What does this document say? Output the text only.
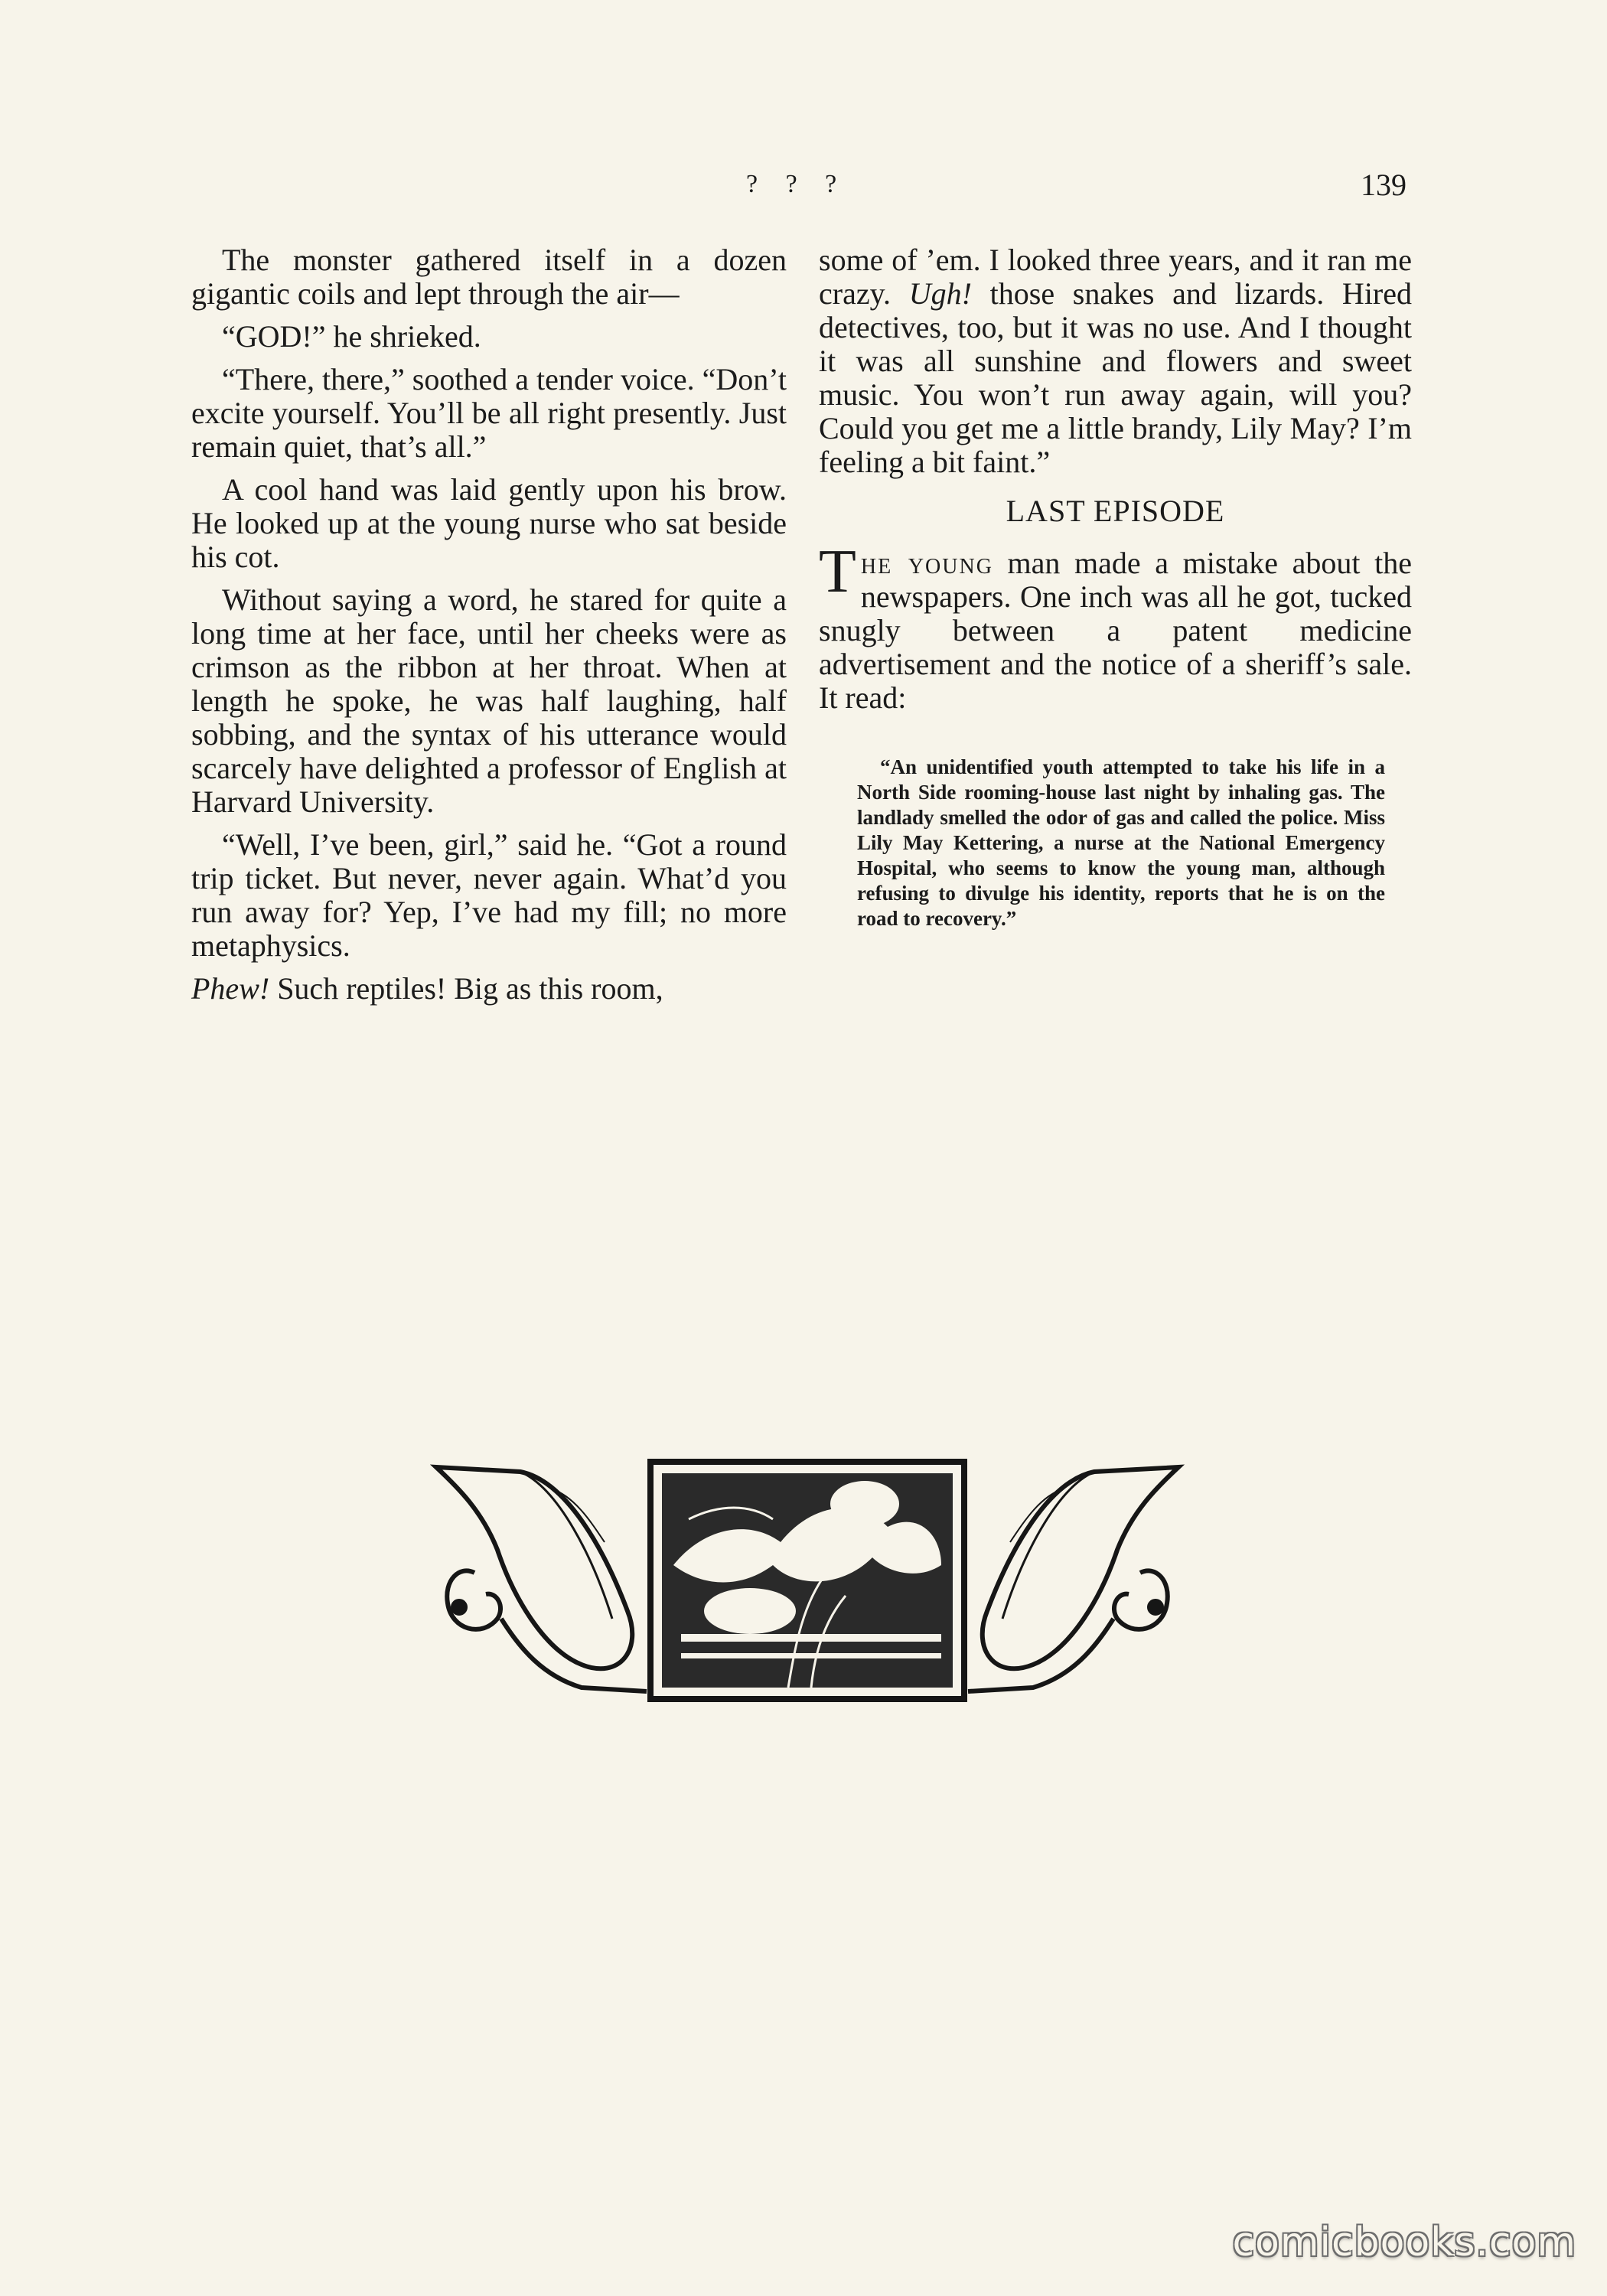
? ? ?	139

The monster gathered itself in a dozen gigantic coils and lept through the air—

“GOD!” he shrieked.

“There, there,” soothed a tender voice. “Don’t excite yourself. You’ll be all right presently. Just remain quiet, that’s all.”

A cool hand was laid gently upon his brow. He looked up at the young nurse who sat beside his cot.

Without saying a word, he stared for quite a long time at her face, until her cheeks were as crimson as the ribbon at her throat. When at length he spoke, he was half laughing, half sobbing, and the syntax of his utterance would scarcely have delighted a professor of English at Harvard University.

“Well, I’ve been, girl,” said he. “Got a round trip ticket. But never, never again. What’d you run away for? Yep, I’ve had my fill; no more metaphysics.

Phew! Such reptiles! Big as this room,

some of ’em. I looked three years, and it ran me crazy. Ugh! those snakes and lizards. Hired detectives, too, but it was no use. And I thought it was all sunshine and flowers and sweet music. You won’t run away again, will you? Could you get me a little brandy, Lily May? I’m feeling a bit faint.”

LAST EPISODE

The young man made a mistake about the newspapers. One inch was all he got, tucked snugly between a patent medicine advertisement and the notice of a sheriff’s sale. It read:

“An unidentified youth attempted to take his life in a North Side rooming-house last night by inhaling gas. The landlady smelled the odor of gas and called the police. Miss Lily May Kettering, a nurse at the National Emergency Hospital, who seems to know the young man, although refusing to divulge his identity, reports that he is on the road to recovery.”
comicbooks.com
